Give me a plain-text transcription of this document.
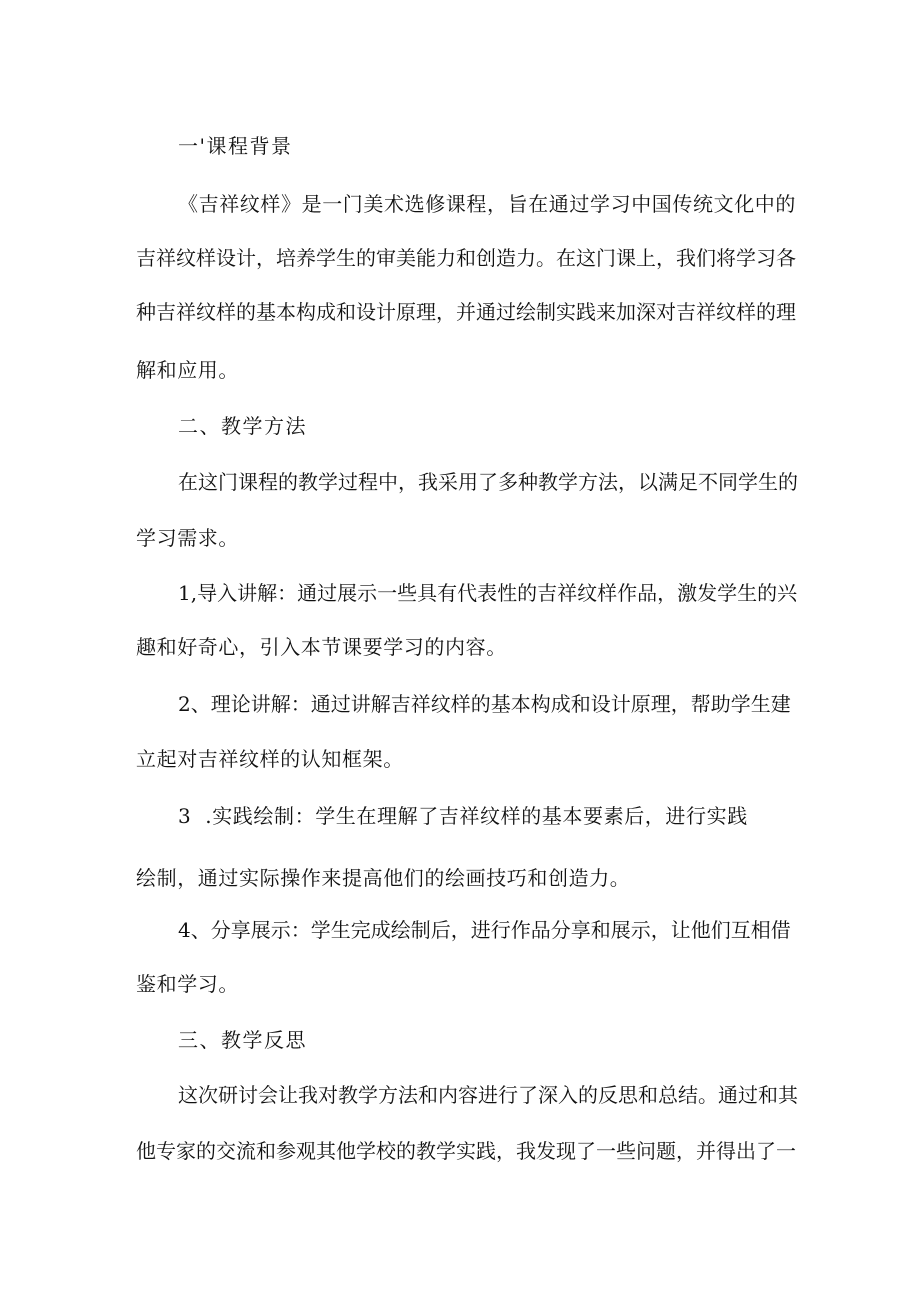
一'课程背景
《吉祥纹样》是一门美术选修课程，旨在通过学习中国传统文化中的
吉祥纹样设计，培养学生的审美能力和创造力。在这门课上，我们将学习各
种吉祥纹样的基本构成和设计原理，并通过绘制实践来加深对吉祥纹样的理
解和应用。
二、教学方法
在这门课程的教学过程中，我采用了多种教学方法，以满足不同学生的
学习需求。
1,导入讲解：通过展示一些具有代表性的吉祥纹样作品，激发学生的兴
趣和好奇心，引入本节课要学习的内容。
2、理论讲解：通过讲解吉祥纹样的基本构成和设计原理，帮助学生建
立起对吉祥纹样的认知框架。
3  .实践绘制：学生在理解了吉祥纹样的基本要素后，进行实践
绘制，通过实际操作来提高他们的绘画技巧和创造力。
4、分享展示：学生完成绘制后，进行作品分享和展示，让他们互相借
鉴和学习。
三、教学反思
这次研讨会让我对教学方法和内容进行了深入的反思和总结。通过和其
他专家的交流和参观其他学校的教学实践，我发现了一些问题，并得出了一
